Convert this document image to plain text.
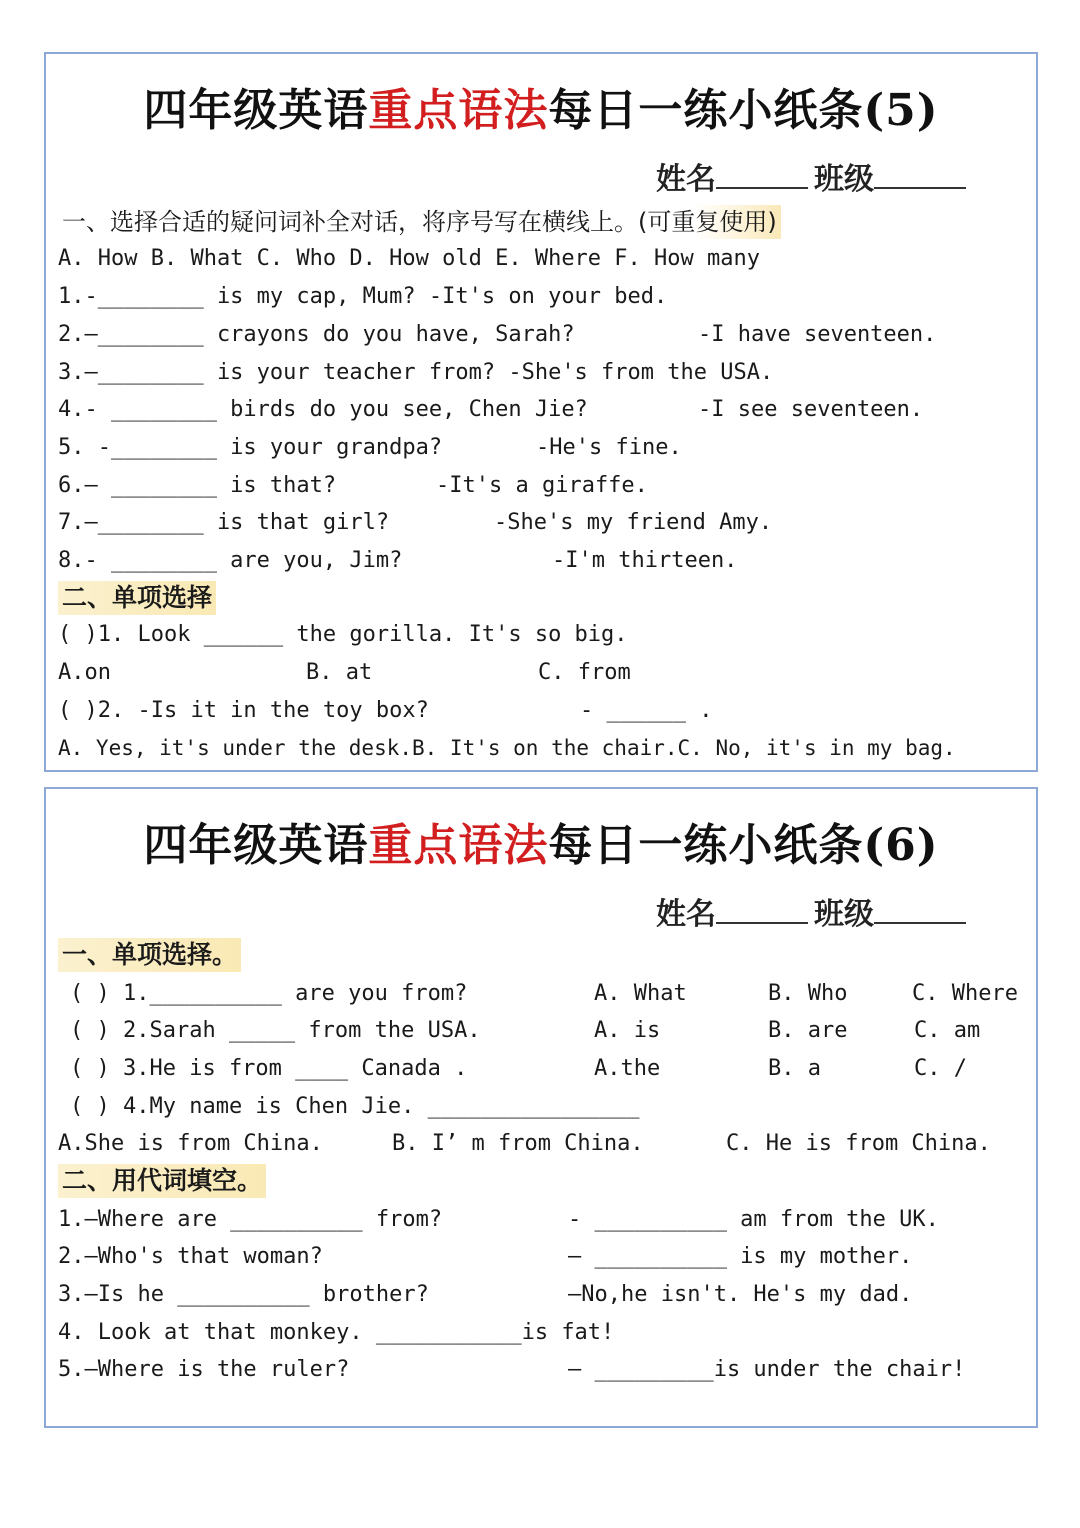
四年级英语重点语法每日一练小纸条(5)
姓名	班级
一、选择合适的疑问词补全对话，将序号写在横线上。(可重复使用)
A. How B. What C. Who D. How old E. Where F. How many
1.-________ is my cap, Mum? -It's on your bed.
2.—________ crayons do you have, Sarah?	-I have seventeen.
3.—________ is your teacher from? -She's from the USA.
4.- ________ birds do you see, Chen Jie?	-I see seventeen.
5. -________ is your grandpa?	-He's fine.
6.— ________ is that?	-It's a giraffe.
7.—________ is that girl?	-She's my friend Amy.
8.- ________ are you, Jim?	-I'm thirteen.
二、单项选择
( )1. Look ______ the gorilla. It's so big.
A.on	B. at	C. from
( )2. -Is it in the toy box?	- ______ .
A. Yes, it's under the desk.B. It's on the chair.C. No, it's in my bag.
四年级英语重点语法每日一练小纸条(6)
姓名	班级
一、单项选择。
( ) 1.__________ are you from?	A. What	B. Who	C. Where
( ) 2.Sarah _____ from the USA.	A. is	B. are	C. am
( ) 3.He is from ____ Canada .	A.the	B. a	C. /
( ) 4.My name is Chen Jie. ________________
A.She is from China.	B. I’ m from China.	C. He is from China.
二、用代词填空。
1.—Where are __________ from?	- __________ am from the UK.
2.—Who's that woman?	— __________ is my mother.
3.—Is he __________ brother?	—No,he isn't. He's my dad.
4. Look at that monkey. ___________is fat!
5.—Where is the ruler?	— _________is under the chair!
